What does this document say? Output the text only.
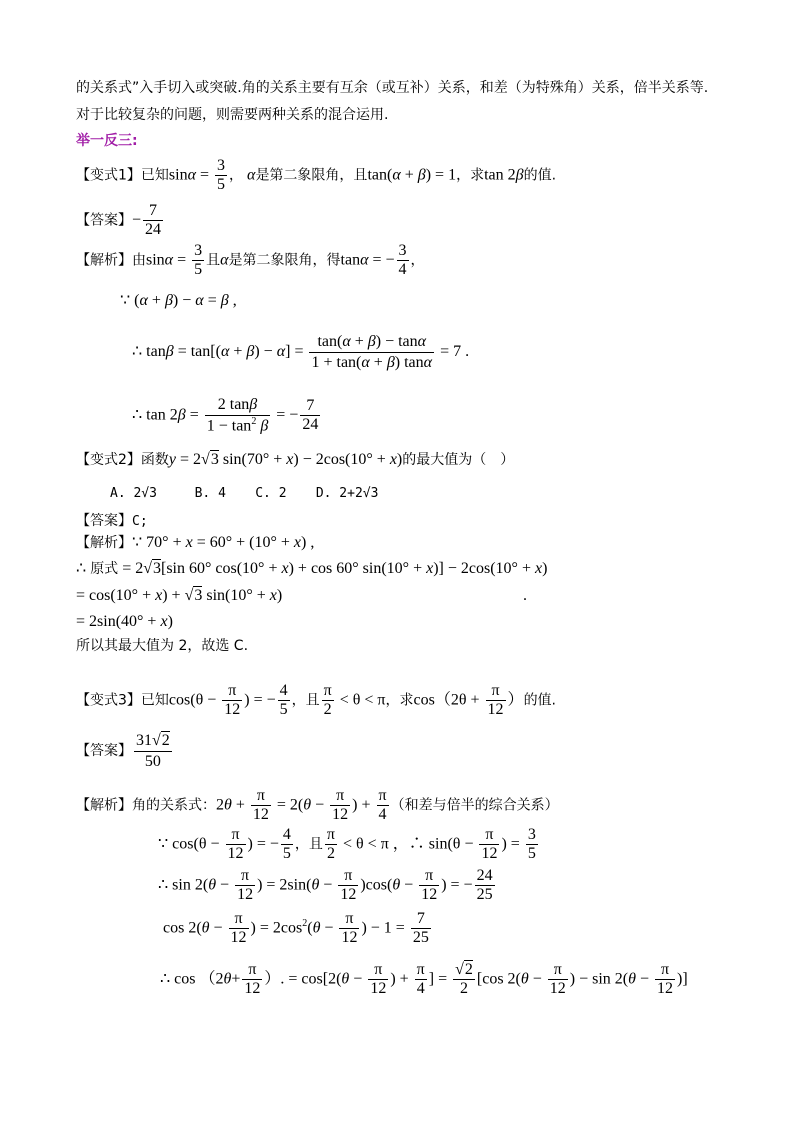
的关系式”入手切入或突破.角的关系主要有互余（或互补）关系，和差（为特殊角）关系，倍半关系等.
对于比较复杂的问题，则需要两种关系的混合运用.
举一反三:
【变式1】已知$\sin\alpha = \frac{3}{5}$ ， α是第二象限角，且tan(α + β) = 1，求tan 2β的值.
【答案】− $\frac{7}{24}$
【解析】由$\sin\alpha = \frac{3}{5}$ 且α是第二象限角，得tanα = − $\frac{3}{4}$ ，
∵ (α + β) − α = β ,
∴ $\tan\beta = \tan[(\alpha + \beta) - \alpha] = \frac{\tan(\alpha + \beta) - \tan\alpha}{1 + \tan(\alpha + \beta) \tan\alpha} = 7$ .
∴ $\tan 2\beta = \frac{2 \tan\beta}{1 - \tan^2 \beta}$ = − $\frac{7}{24}$
【变式2】函数y = 2√3 sin(70° + x) − 2cos(10° + x)的最大值为（　）
A. 2√3	B. 4 C. 2 D. 2+2√3
【答案】C;
【解析】∵ 70° + x = 60° + (10° + x) ,
∴ 原式 = 2√3[sin 60° cos(10° + x) + cos 60° sin(10° + x)] − 2cos(10° + x)
= cos(10° + x) + √3 sin(10° + x)	.
= 2sin(40° + x)
所以其最大值为 2，故选 C.
【变式3】已知$\cos(\theta - \frac{\pi}{12}$ ) = − $\frac{4}{5}$ ，且 $\frac{\pi}{2} < \theta < \pi$，求$\cos(2\theta + \frac{\pi}{12}$ ）的值.
【答案】 $\frac{31√2}{50}$
【解析】角的关系式：$2\theta + \frac{\pi}{12} = 2(\theta - \frac{\pi}{12}$ ) + $\frac{\pi}{4}$ （和差与倍半的综合关系）
∵ $\cos(\theta - \frac{\pi}{12}$ ) = − $\frac{4}{5}$ ，且 $\frac{\pi}{2} < \theta < \pi$ ，∴ $\sin(\theta - \frac{\pi}{12}$ ) = $\frac{3}{5}$
∴ $\sin 2(\theta - \frac{\pi}{12}$ ) = $2\sin(\theta - \frac{\pi}{12} )\cos(\theta - \frac{\pi}{12}$ ) = − $\frac{24}{25}$
$\cos 2(\theta - \frac{\pi}{12}$ ) = $2\cos^2(\theta - \frac{\pi}{12}$ ) − $1 = \frac{7}{25}$
∴ $\cos (2\theta+ \frac{\pi}{12}$ ）. = $\cos[2(\theta - \frac{\pi}{12}$ ) + $\frac{\pi}{4}$ ] = $\frac{√2}{2} [\cos$ $2(\theta - \frac{\pi}{12}$ ) − $\sin 2(\theta - \frac{\pi}{12}$ )]
